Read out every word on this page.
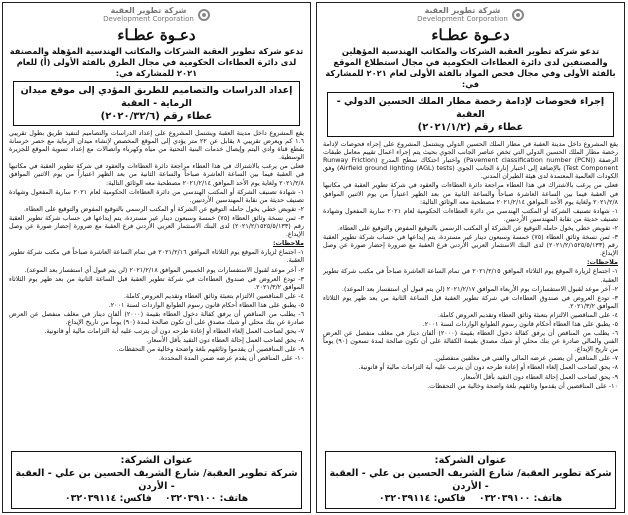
شركة تطوير العقبة
Development Corporation
دعـوة عطـاء
تدعو شركة تطوير العقبة الشركات والمكاتب الهندسية المؤهلين والمصنفين لدى دائرة العطاءات الحكومية في مجال استطلاع الموقع بالفئة الأولى وفي مجال فحص المواد بالفئة الأولى لعام ٢٠٢١ للمشاركة في:
إجراء فحوصات لإدامة رخصة مطار الملك الحسين الدولي - العقبة
عطاء رقم (٢٠٢١/١/٢)

يقع المشروع داخل مدينة العقبة في مطار الملك الحسين الدولي ويشتمل المشروع على إجراء فحوصات لإدامة رخصة مطار الملك الحسين الدولي التي تخص عناصر الجانب الجوي بحيث يتم إجراء اعمال تقييم معامل طبقات الرصفة (Pavement classification number (PCN)) واختبار احتكاك سطح المدرج (Runway Friction Test Component) بالإضافة إلى اختبار إنارة الجانب الجوي (Airfield ground lighting (AGL) tests) وفق الكودات العالمية المعتمدة لدى هيئة الطيران المدني.

فعلى من يرغب بالاشتراك في هذا العطاء مراجعة دائرة العطاءات والعقود في شركة تطوير العقبة في مكاتبها في العقبة فيما بين الساعة العاشرة صباحاً والساعة الثانية من بعد الظهر اعتباراً من يوم الاثنين الموافق ٢٠٢١/٢/٨ ولغاية يوم الأحد الموافق ٢٠٢١/٢/١٤ مصطحبة معه الوثائق التالية:

١- شهادة تصنيف الشركة أو المكتب الهندسي من دائرة العطاءات الحكومية لعام ٢٠٢١ سارية المفعول وشهادة تصنيف حديثة من نقابة المهندسين الأردنيين.

٢- تفويض خطي يخول حامله التوقيع عن الشركة أو المكتب الرسمي بالتوقيع المفوض والتوقيع على العطاء.

٣- ثمن نسخة وثائق العطاء (٧٥) خمسة وسبعون دينار غير مستردة، يتم إيداعها في حساب شركة تطوير العقبة رقم (٢٠٢١/٢/١٥٢٥/٥/١٣٣) لدى البنك الاستثمار العربي الأردني فرع العقبة مع ضرورة إحضار صورة عن وصل الإيداع.

ملاحظات:

١- اجتماع لزيارة الموقع يوم الثلاثاء الموافق ٢٠٢١/٢/١٥ في تمام الساعة العاشرة صباحاً في مكتب شركة تطوير العقبة.

٢- آخر موعد لقبول الاستفسارات يوم الأربعاء الموافق ٢٠٢١/٢/١٧ (لن يتم قبول أي استفسار بعد الموعد).

٣- تودع العروض في صندوق العطاءات في شركة تطوير العقبة قبل الساعة الثانية من بعد ظهر يوم الثلاثاء الموافق ٢٠٢١/٣/٢.

٤- على المناقصين الالتزام بتعبئة وثائق العطاء وتقديم العروض كاملة.

٥- يطبق على هذا العطاء أحكام قانون رسوم الطوابع الواردات لسنة ٢٠٠١.

٦- يطلب من المناقص أن يرفق كفالة دخول العطاء بقيمة (٢٠٠٠) ألفان دينار في مغلف منفصل عن العرض الفني والمالي صادرة عن بنك محلي أو شيك مصدق بقيمة الكفالة على أن تكون صالحة لمدة تسعون (٩٠) يوماً من تاريخ الإيداع.

٧- على المناقص أن يضمن عرضه المالي والفني في مغلفين منفصلين.

٨- يحق لصاحب العمل إلغاء العطاء أو إعادة طرحه دون أن يترتب عليه أية التزامات مالية أو قانونية.

٩- يحق لصاحب العمل إحالة العطاء دون التقيد بأقل الأسعار.

١٠- على المناقصين أن يقدموا وثائقهم بلغة واضحة وخالية من التحفظات.

عنوان الشركة:
شركة تطوير العقبة/ شارع الشريف الحسين بن علي - العقبة - الأردن
هاتف: ٠٣٢٠٣٩١٠٠    فاكس: ٠٣٢٠٣٩١١٤
شركة تطوير العقبة
Development Corporation
دعـوة عطـاء
تدعو شركة تطوير العقبة الشركات والمكاتب الهندسية المؤهلة والمصنفة لدى دائرة العطاءات الحكومية في مجال الطرق بالفئة الأولى (أ) للعام ٢٠٢١ للمشاركة في:
إعداد الدراسات والتصاميم للطريق المؤدي إلى موقع ميدان الرماية - العقبة
عطاء رقم (٢٠٢٠/٣٢/٦)

يقع المشروع داخل مدينة العقبة ويشتمل المشروع على إعداد الدراسات والتصاميم لتنفيذ طريق بطول تقريبي ١.٦ كم ويعرض تقريبي ٨ يقابل عن ٢٢ متر يؤدي إلى الموقع المخصص لإنشاء ميدان الرماية مع حصر خرسانة بقطع قناة وادي اليتم وإيصال خدمات البنية التحتية من مياه وكهرباء واتصالات مع إعداد تسوية الموقع للجزيرة الوسطية.

فعلى من يرغب بالاشتراك في هذا العطاء مراجعة دائرة العطاءات والعقود في شركة تطوير العقبة في مكاتبها في العقبة فيما بين الساعة العاشرة صباحاً والساعة الثانية من بعد الظهر اعتباراً من يوم الاثنين الموافق ٢٠٢١/٢/٨ ولغاية يوم الأحد الموافق ٢٠٢١/٢/١٤ مصطحبة معه الوثائق التالية:

١- شهادة تصنيف الشركة أو المكتب الهندسي من دائرة العطاءات الحكومية لعام ٢٠٢١ سارية المفعول وشهادة تصنيف حديثة من نقابة المهندسين الأردنيين.

٢- تفويض خطي يخول حامله التوقيع عن الشركة أو المكتب الرسمي بالتوقيع المفوض والتوقيع على العطاء.

٣- ثمن نسخة وثائق العطاء (٧٥) خمسة وسبعون دينار غير مستردة، يتم إيداعها في حساب شركة تطوير العقبة رقم (٢٠٢١/٢/١٥٢٥/٥/١٣٣) لدى البنك الاستثمار العربي الأردني فرع العقبة مع ضرورة إحضار صورة عن وصل الإيداع.

ملاحظات:

١- اجتماع لزيارة الموقع يوم الثلاثاء الموافق ٢٠٢١/٢/١٦ في تمام الساعة العاشرة صباحاً في مكتب شركة تطوير العقبة.

٢- آخر موعد لقبول الاستفسارات يوم الخميس الموافق ٢٠٢١/٢/١٨ (لن يتم قبول أي استفسار بعد الموعد).

٣- تودع العروض في صندوق العطاءات في شركة تطوير العقبة قبل الساعة الثانية من بعد ظهر يوم الثلاثاء الموافق ٢٠٢١/٣/٢.

٤- على المناقصين الالتزام بتعبئة وثائق العطاء وتقديم العروض كاملة.

٥- يطبق على هذا العطاء أحكام قانون رسوم الطوابع الواردات لسنة ٢٠٠١.

٦- يطلب من المناقص أن يرفق كفالة دخول العطاء بقيمة (٢٠٠٠) ألفان دينار في مغلف منفصل عن العرض صادرة عن بنك محلي أو شيك مصدق على أن تكون صالحة لمدة (٩٠) يوماً من تاريخ الإيداع.

٧- يحق لصاحب العمل إلغاء العطاء أو إعادة طرحه دون أن يترتب عليه أية التزامات مالية أو قانونية.

٨- يحق لصاحب العمل إحالة العطاء دون التقيد بأقل الأسعار.

٩- على المناقصين أن يقدموا وثائقهم بلغة واضحة وخالية من التحفظات.

١٠- على المناقص أن يقدم عرضه ضمن المدة المحددة.

عنوان الشركة:
شركة تطوير العقبة/ شارع الشريف الحسين بن علي - العقبة - الأردن
هاتف: ٠٣٢٠٣٩١٠٠    فاكس: ٠٣٢٠٣٩١١٤
